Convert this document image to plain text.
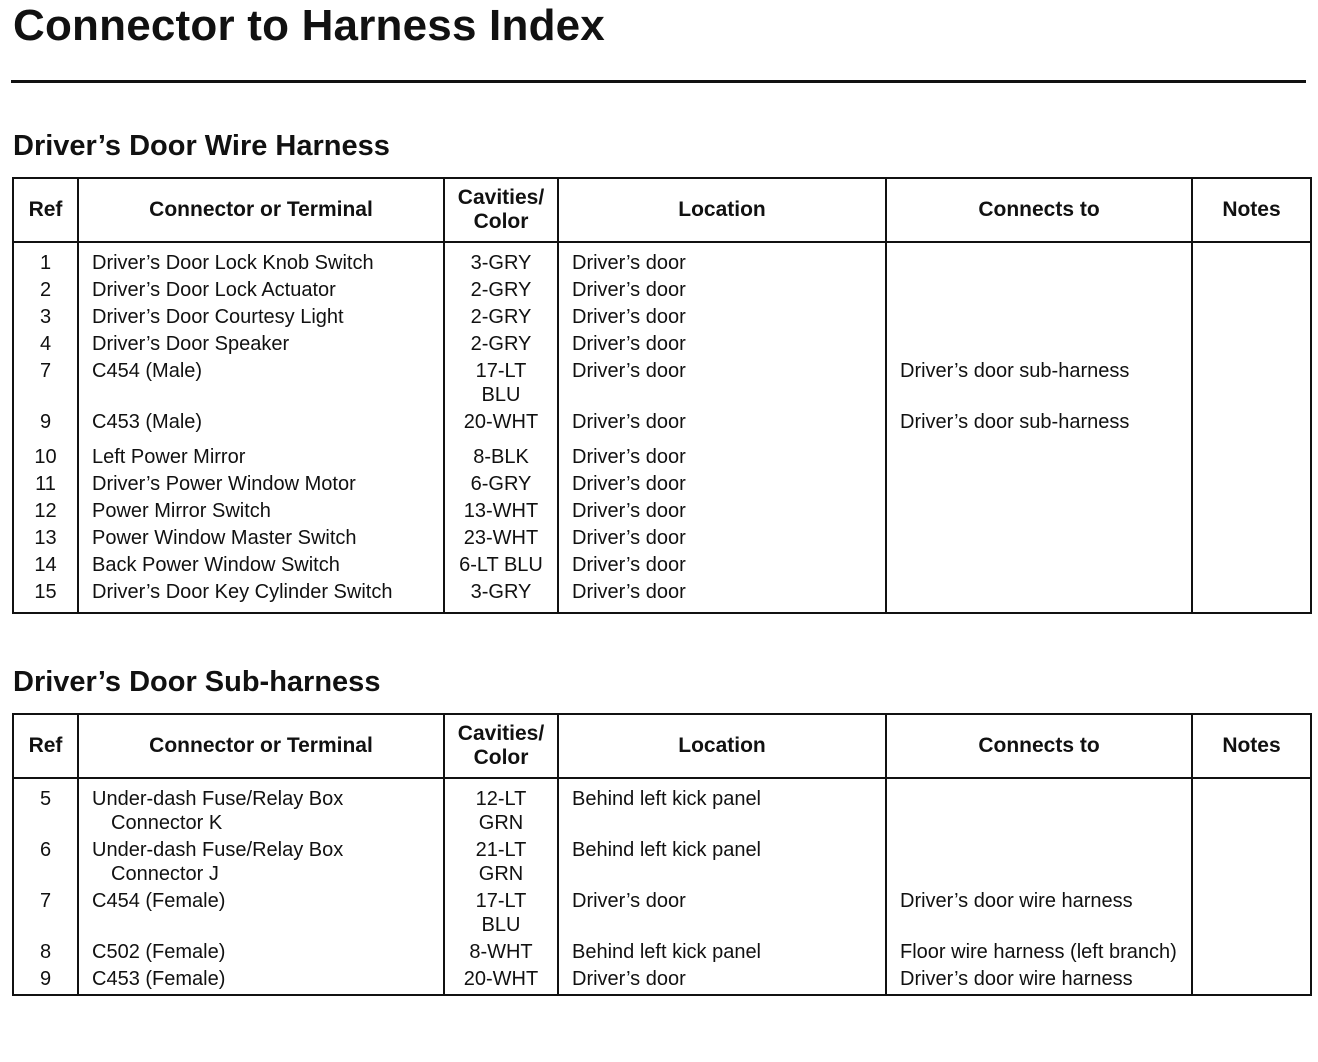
Connector to Harness Index
Driver’s Door Wire Harness
Ref	Connector or Terminal	Cavities/
Color	Location	Connects to	Notes
1	Driver’s Door Lock Knob Switch	3-GRY	Driver’s door		
2	Driver’s Door Lock Actuator	2-GRY	Driver’s door		
3	Driver’s Door Courtesy Light	2-GRY	Driver’s door		
4	Driver’s Door Speaker	2-GRY	Driver’s door		
7	C454 (Male)	17-LT
BLU	Driver’s door	Driver’s door sub-harness	
9	C453 (Male)	20-WHT	Driver’s door	Driver’s door sub-harness	
10	Left Power Mirror	8-BLK	Driver’s door		
11	Driver’s Power Window Motor	6-GRY	Driver’s door		
12	Power Mirror Switch	13-WHT	Driver’s door		
13	Power Window Master Switch	23-WHT	Driver’s door		
14	Back Power Window Switch	6-LT BLU	Driver’s door		
15	Driver’s Door Key Cylinder Switch	3-GRY	Driver’s door		
Driver’s Door Sub-harness
Ref	Connector or Terminal	Cavities/
Color	Location	Connects to	Notes
5	Under-dash Fuse/Relay Box
Connector K	12-LT
GRN	Behind left kick panel		
6	Under-dash Fuse/Relay Box
Connector J	21-LT
GRN	Behind left kick panel		
7	C454 (Female)	17-LT
BLU	Driver’s door	Driver’s door wire harness	
8	C502 (Female)	8-WHT	Behind left kick panel	Floor wire harness (left branch)	
9	C453 (Female)	20-WHT	Driver’s door	Driver’s door wire harness	
